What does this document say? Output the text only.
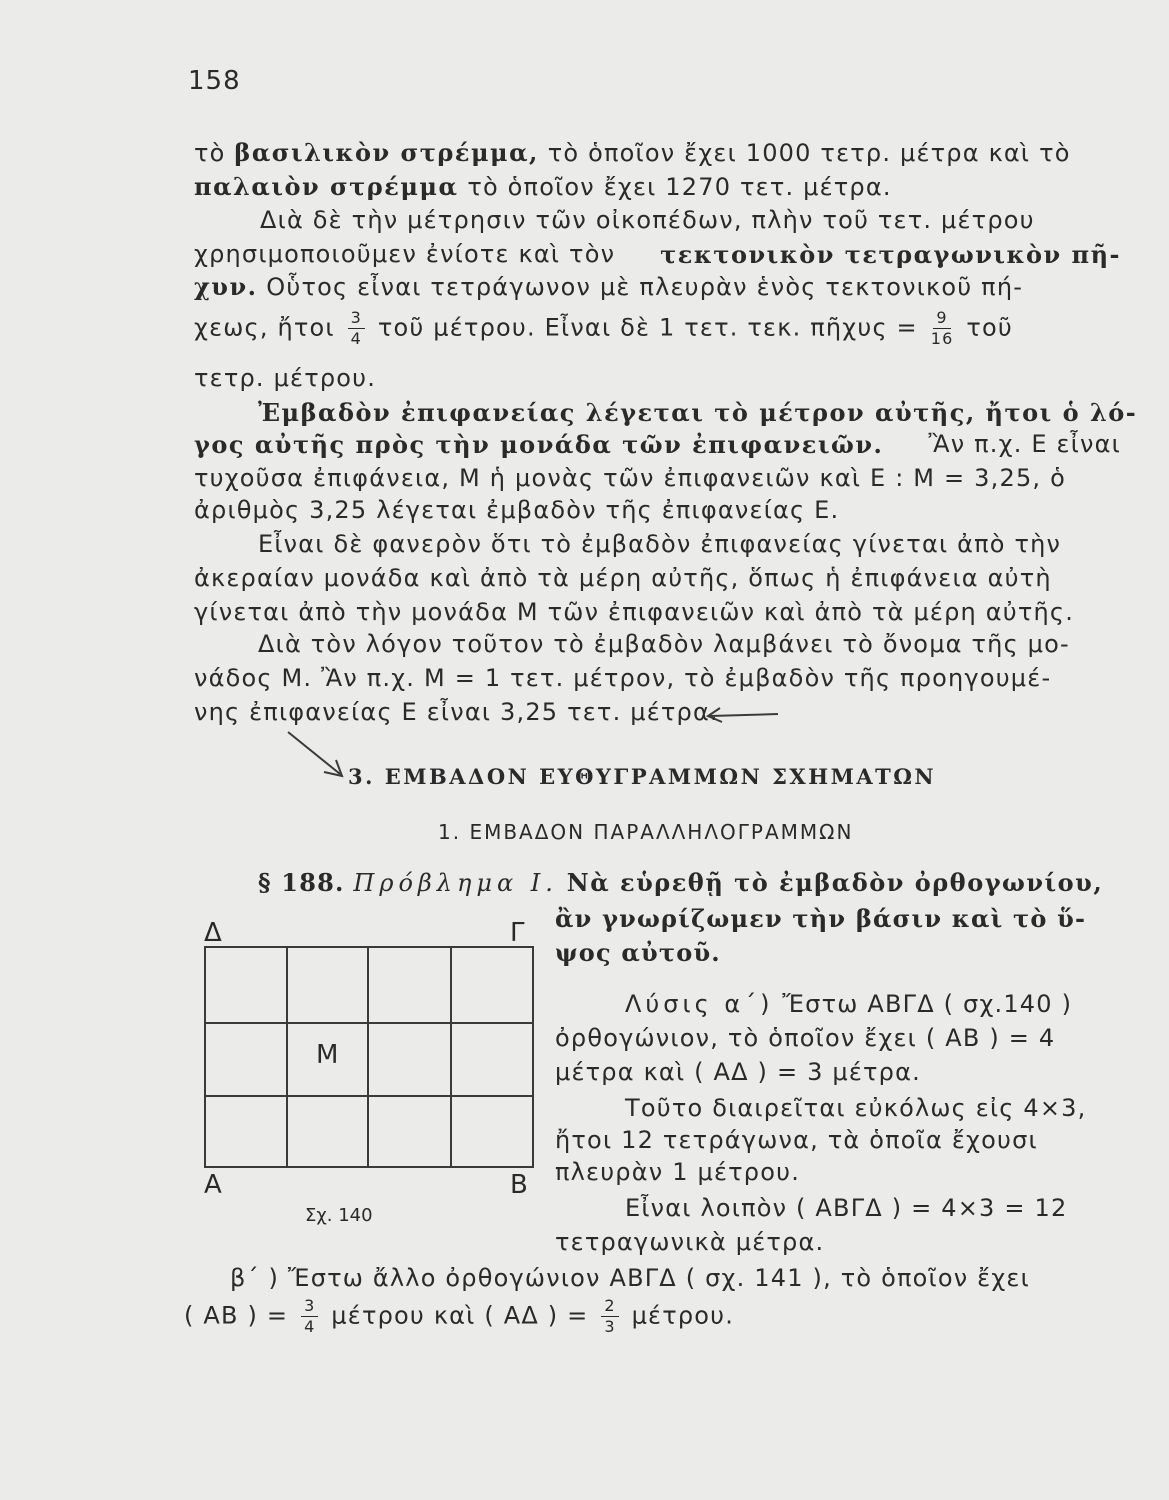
158
τὸ βασιλικὸν στρέμμα, τὸ ὁποῖον ἔχει 1000 τετρ. μέτρα καὶ τὸ
παλαιὸν στρέμμα τὸ ὁποῖον ἔχει 1270 τετ. μέτρα.
Διὰ δὲ τὴν μέτρησιν τῶν οἰκοπέδων, πλὴν τοῦ τετ. μέτρου
χρησιμοποιοῦμεν ἐνίοτε καὶ τὸν τεκτονικὸν τετραγωνικὸν πῆ-
χυν. Οὗτος εἶναι τετράγωνον μὲ πλευρὰν ἑνὸς τεκτονικοῦ πή-
χεως, ἤτοι $\frac{3}{4}$ τοῦ μέτρου. Εἶναι δὲ 1 τετ. τεκ. πῆχυς = $\frac{9}{16}$ τοῦ
τετρ. μέτρου.
Ἐμβαδὸν ἐπιφανείας λέγεται τὸ μέτρον αὐτῆς, ἤτοι ὁ λό-
γος αὐτῆς πρὸς τὴν μονάδα τῶν ἐπιφανειῶν. Ἂν π.χ. Ε εἶναι
τυχοῦσα ἐπιφάνεια, Μ ἡ μονὰς τῶν ἐπιφανειῶν καὶ Ε : Μ = 3,25, ὁ
ἀριθμὸς 3,25 λέγεται ἐμβαδὸν τῆς ἐπιφανείας Ε.
Εἶναι δὲ φανερὸν ὅτι τὸ ἐμβαδὸν ἐπιφανείας γίνεται ἀπὸ τὴν
ἀκεραίαν μονάδα καὶ ἀπὸ τὰ μέρη αὐτῆς, ὅπως ἡ ἐπιφάνεια αὐτὴ
γίνεται ἀπὸ τὴν μονάδα Μ τῶν ἐπιφανειῶν καὶ ἀπὸ τὰ μέρη αὐτῆς.
Διὰ τὸν λόγον τοῦτον τὸ ἐμβαδὸν λαμβάνει τὸ ὄνομα τῆς μο-
νάδος Μ. Ἂν π.χ. Μ = 1 τετ. μέτρον, τὸ ἐμβαδὸν τῆς προηγουμέ-
νης ἐπιφανείας Ε εἶναι 3,25 τετ. μέτρα.
3. ΕΜΒΑΔΟΝ ΕΥΘΥΓΡΑΜΜΩΝ ΣΧΗΜΑΤΩΝ
1. ΕΜΒΑΔΟΝ ΠΑΡΑΛΛΗΛΟΓΡΑΜΜΩΝ
§ 188. Πρόβλημα Ι. Νὰ εὑρεθῇ τὸ ἐμβαδὸν ὀρθογωνίου,
ἂν γνωρίζωμεν τὴν βάσιν καὶ τὸ ὕ-
ψος αὐτοῦ.
Δ	Γ
Μ
Α	Β
Σχ. 140
Λύσις α΄) Ἔστω ΑΒΓΔ ( σχ.140 )
ὀρθογώνιον, τὸ ὁποῖον ἔχει ( ΑΒ ) = 4
μέτρα καὶ ( ΑΔ ) = 3 μέτρα.
Τοῦτο διαιρεῖται εὐκόλως εἰς 4×3,
ἤτοι 12 τετράγωνα, τὰ ὁποῖα ἔχουσι
πλευρὰν 1 μέτρου.
Εἶναι λοιπὸν ( ΑΒΓΔ ) = 4×3 = 12
τετραγωνικὰ μέτρα.
β΄ ) Ἔστω ἄλλο ὀρθογώνιον ΑΒΓΔ ( σχ. 141 ), τὸ ὁποῖον ἔχει
( ΑΒ ) = $\frac{3}{4}$ μέτρου καὶ ( ΑΔ ) = $\frac{2}{3} \mu έ\tau\rho o\upsilon$.
